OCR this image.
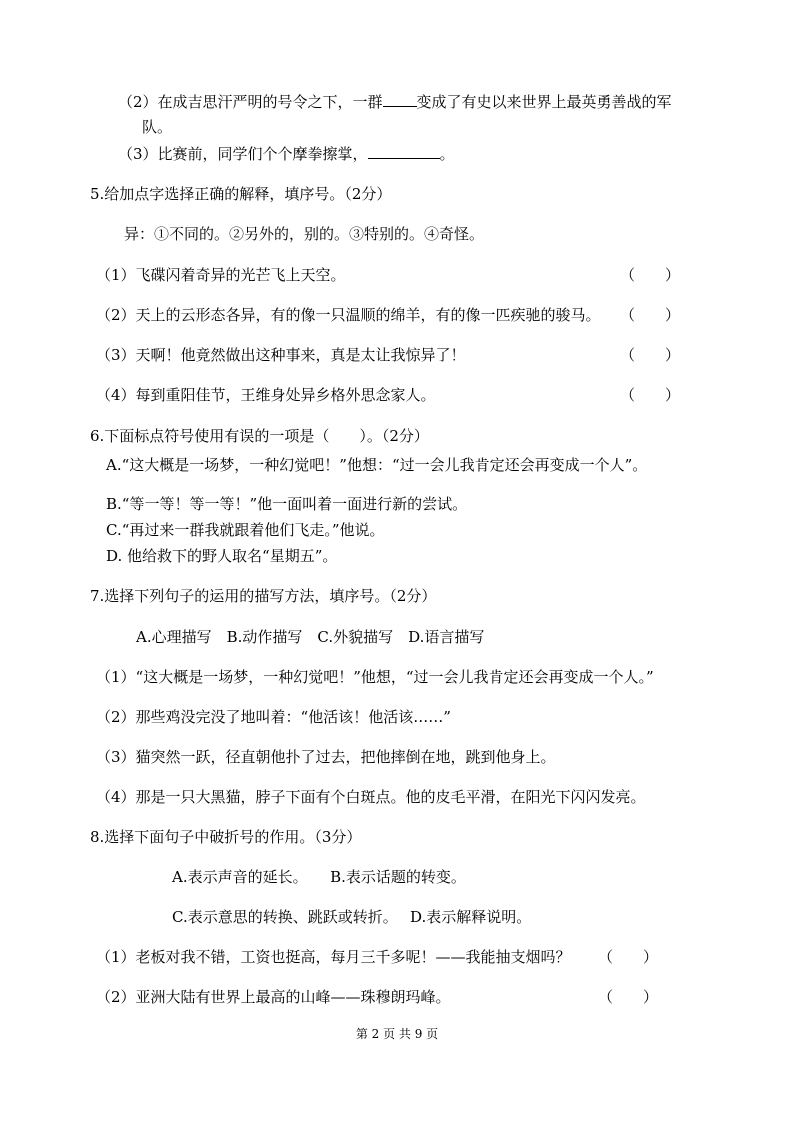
（2）在成吉思汗严明的号令之下，一群 变成了有史以来世界上最英勇善战的军
队。
（3）比赛前，同学们个个摩拳擦掌，	。
5.给加点字选择正确的解释，填序号。（2分）
异：①不同的。②另外的，别的。③特别的。④奇怪。
（1）飞碟闪着奇异的光芒飞上天空。	（　　）
（2）天上的云形态各异，有的像一只温顺的绵羊，有的像一匹疾驰的骏马。 （　　）
（3）天啊！他竟然做出这种事来，真是太让我惊异了！	（　　）
（4）每到重阳佳节，王维身处异乡格外思念家人。	（　　）
6.下面标点符号使用有误的一项是（　　）。（2分）
A.“这大概是一场梦，一种幻觉吧！”他想：“过一会儿我肯定还会再变成一个人”。
B.“等一等！等一等！”他一面叫着一面进行新的尝试。
C.“再过来一群我就跟着他们飞走。”他说。
D. 他给救下的野人取名“星期五”。
7.选择下列句子的运用的描写方法，填序号。（2分）
A.心理描写　B.动作描写　C.外貌描写　D.语言描写
（1）“这大概是一场梦，一种幻觉吧！”他想，“过一会儿我肯定还会再变成一个人。”
（2）那些鸡没完没了地叫着：“他活该！他活该……”
（3）猫突然一跃，径直朝他扑了过去，把他摔倒在地，跳到他身上。
（4）那是一只大黑猫，脖子下面有个白斑点。他的皮毛平滑，在阳光下闪闪发亮。
8.选择下面句子中破折号的作用。（3分）
A.表示声音的延长。　　B.表示话题的转变。
C.表示意思的转换、跳跃或转折。　 D.表示解释说明。
（1）老板对我不错，工资也挺高，每月三千多呢！——我能抽支烟吗？ （　　）
（2）亚洲大陆有世界上最高的山峰——珠穆朗玛峰。	（　　）
第 2 页 共 9 页
